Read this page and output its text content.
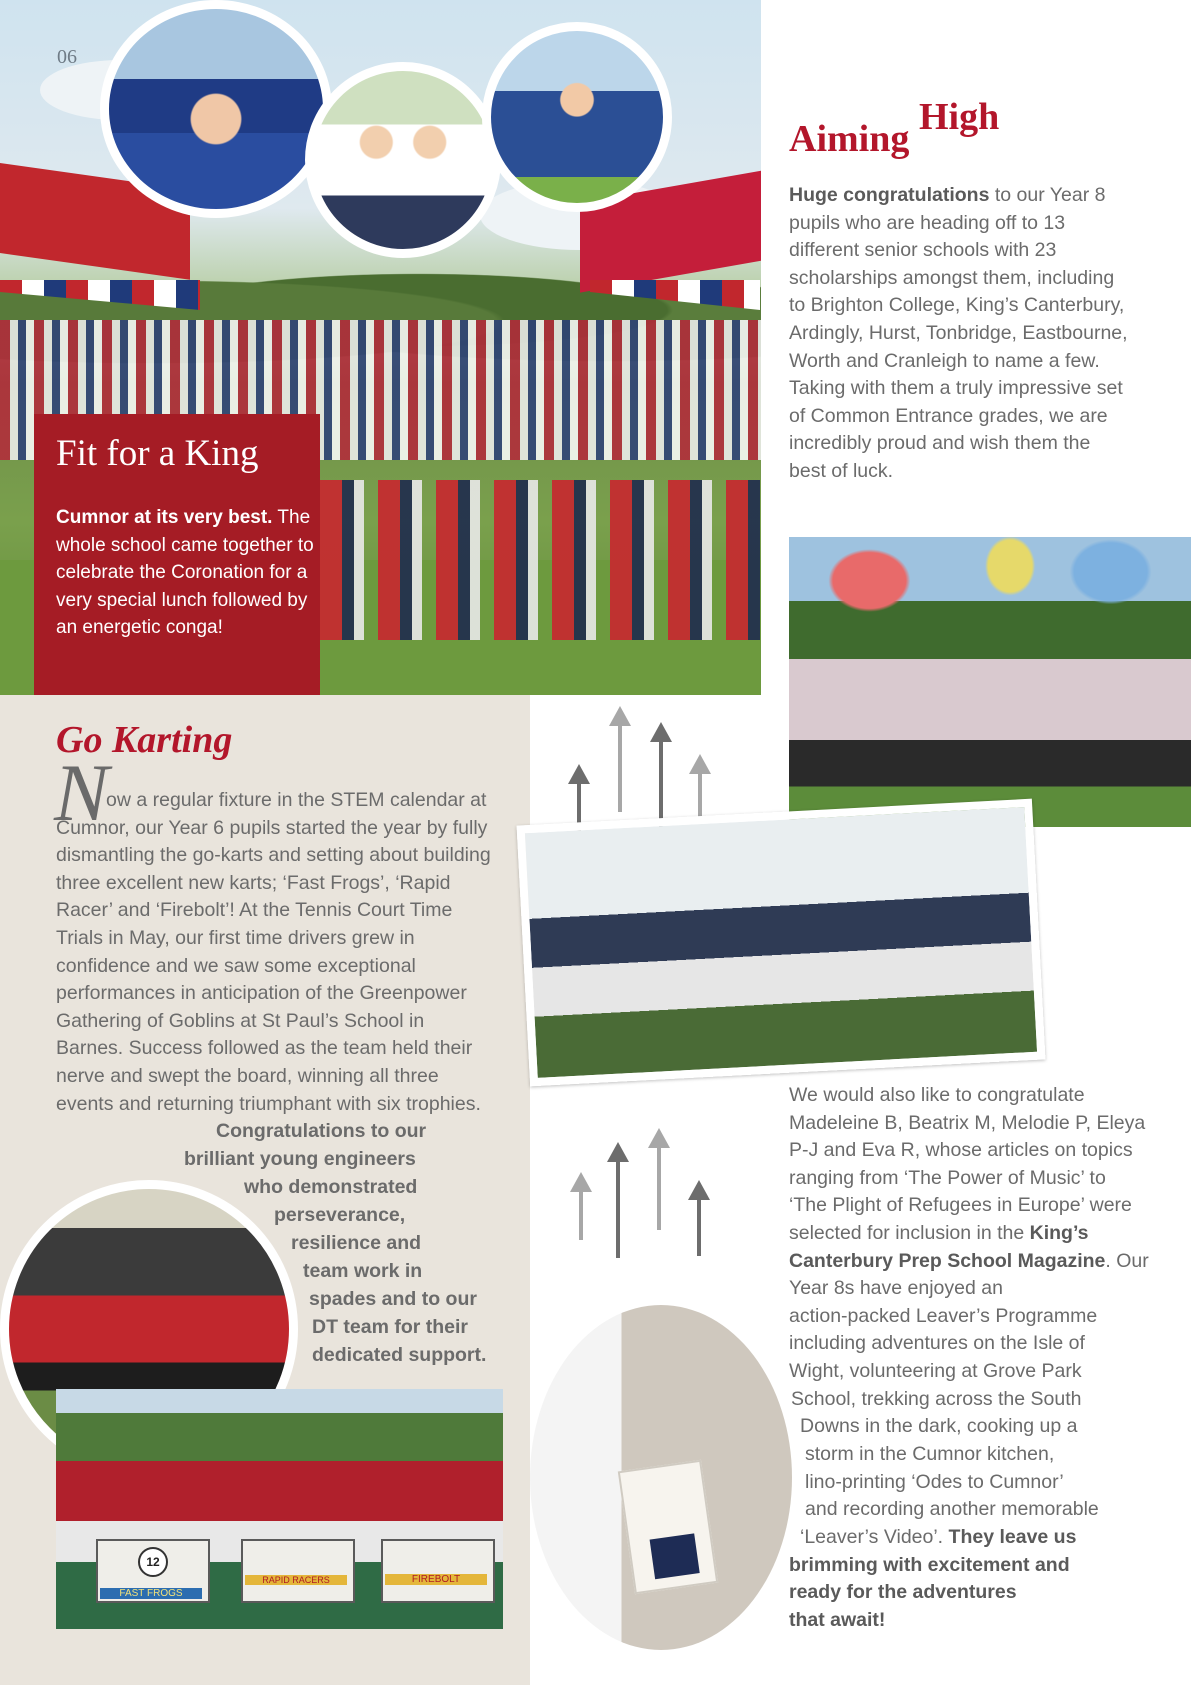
06
Fit for a King
Cumnor at its very best. The whole school came together to celebrate the Coronation for a very special lunch followed by an energetic conga!
Aiming
High
Huge congratulations to our Year 8 pupils who are heading off to 13 different senior schools with 23 scholarships amongst them, including to Brighton College, King’s Canterbury, Ardingly, Hurst, Tonbridge, Eastbourne, Worth and Cranleigh to name a few. Taking with them a truly impressive set of Common Entrance grades, we are incredibly proud and wish them the best of luck.
Go Karting
N
ow a regular fixture in the STEM calendar at Cumnor, our Year 6 pupils started the year by fully dismantling the go-karts and setting about building three excellent new karts; ‘Fast Frogs’, ‘Rapid Racer’ and ‘Firebolt’! At the Tennis Court Time Trials in May, our first time drivers grew in confidence and we saw some exceptional performances in anticipation of the Greenpower Gathering of Goblins at St Paul’s School in Barnes. Success followed as the team held their nerve and swept the board, winning all three events and returning triumphant with six trophies.
Congratulations to our
brilliant young engineers
who demonstrated
perseverance,
resilience and
team work in
spades and to our
DT team for their
dedicated support.
12
FAST FROGS
RAPID RACERS	FIREBOLT
We would also like to congratulate Madeleine B, Beatrix M, Melodie P, Eleya P-J and Eva R, whose articles on topics ranging from ‘The Power of Music’ to ‘The Plight of Refugees in Europe’ were selected for inclusion in the King’s Canterbury Prep School Magazine. Our Year 8s have enjoyed an
action-packed Leaver’s Programme
including adventures on the Isle of
Wight, volunteering at Grove Park
School, trekking across the South
Downs in the dark, cooking up a
storm in the Cumnor kitchen,
lino-printing ‘Odes to Cumnor’
and recording another memorable
‘Leaver’s Video’. They leave us
brimming with excitement and
ready for the adventures
that await!
